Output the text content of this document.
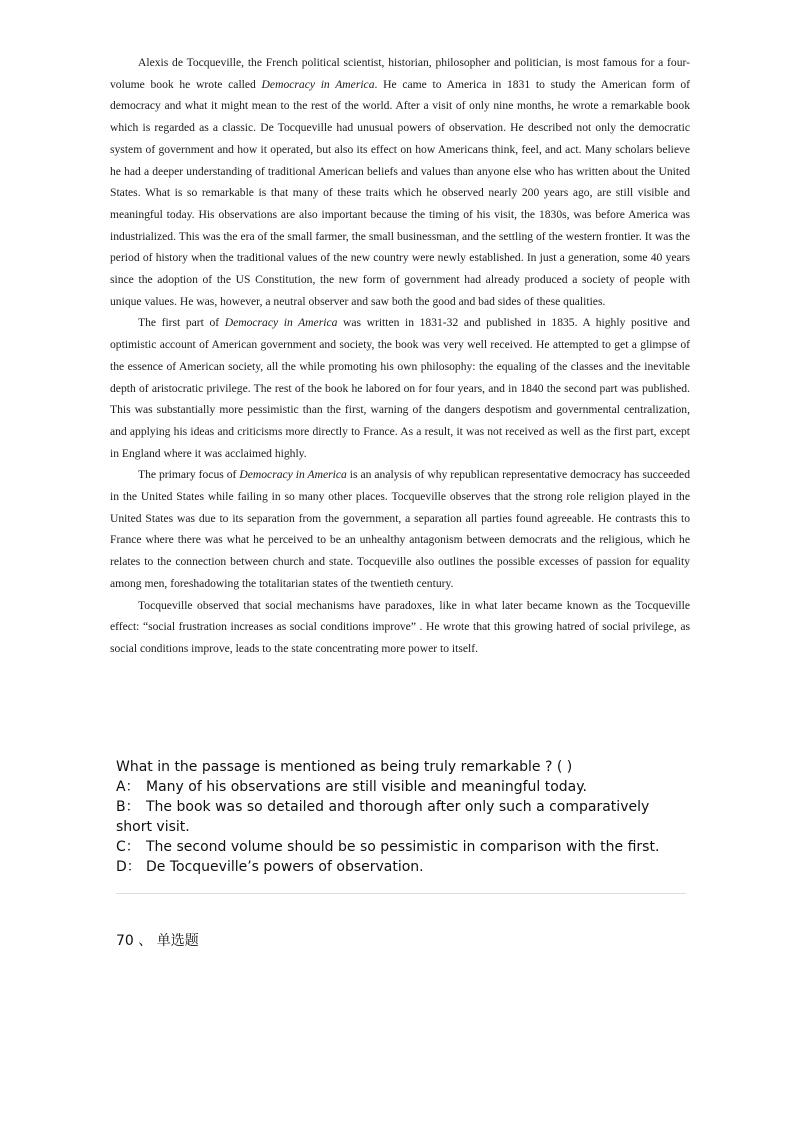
Alexis de Tocqueville, the French political scientist, historian, philosopher and politician, is most famous for a four-volume book he wrote called Democracy in America. He came to America in 1831 to study the American form of democracy and what it might mean to the rest of the world. After a visit of only nine months, he wrote a remarkable book which is regarded as a classic. De Tocqueville had unusual powers of observation. He described not only the democratic system of government and how it operated, but also its effect on how Americans think, feel, and act. Many scholars believe he had a deeper understanding of traditional American beliefs and values than anyone else who has written about the United States. What is so remarkable is that many of these traits which he observed nearly 200 years ago, are still visible and meaningful today. His observations are also important because the timing of his visit, the 1830s, was before America was industrialized. This was the era of the small farmer, the small businessman, and the settling of the western frontier. It was the period of history when the traditional values of the new country were newly established. In just a generation, some 40 years since the adoption of the US Constitution, the new form of government had already produced a society of people with unique values. He was, however, a neutral observer and saw both the good and bad sides of these qualities.

The first part of Democracy in America was written in 1831-32 and published in 1835. A highly positive and optimistic account of American government and society, the book was very well received. He attempted to get a glimpse of the essence of American society, all the while promoting his own philosophy: the equaling of the classes and the inevitable depth of aristocratic privilege. The rest of the book he labored on for four years, and in 1840 the second part was published. This was substantially more pessimistic than the first, warning of the dangers despotism and governmental centralization, and applying his ideas and criticisms more directly to France. As a result, it was not received as well as the first part, except in England where it was acclaimed highly.

The primary focus of Democracy in America is an analysis of why republican representative democracy has succeeded in the United States while failing in so many other places. Tocqueville observes that the strong role religion played in the United States was due to its separation from the government, a separation all parties found agreeable. He contrasts this to France where there was what he perceived to be an unhealthy antagonism between democrats and the religious, which he relates to the connection between church and state. Tocqueville also outlines the possible excesses of passion for equality among men, foreshadowing the totalitarian states of the twentieth century.

Tocqueville observed that social mechanisms have paradoxes, like in what later became known as the Tocqueville effect: “social frustration increases as social conditions improve” . He wrote that this growing hatred of social privilege, as social conditions improve, leads to the state concentrating more power to itself.

What in the passage is mentioned as being truly remarkable ? ( )
A： Many of his observations are still visible and meaningful today.
B： The book was so detailed and thorough after only such a comparatively short visit.
C： The second volume should be so pessimistic in comparison with the first.
D： De Tocqueville’s powers of observation.
70 、 单选题
